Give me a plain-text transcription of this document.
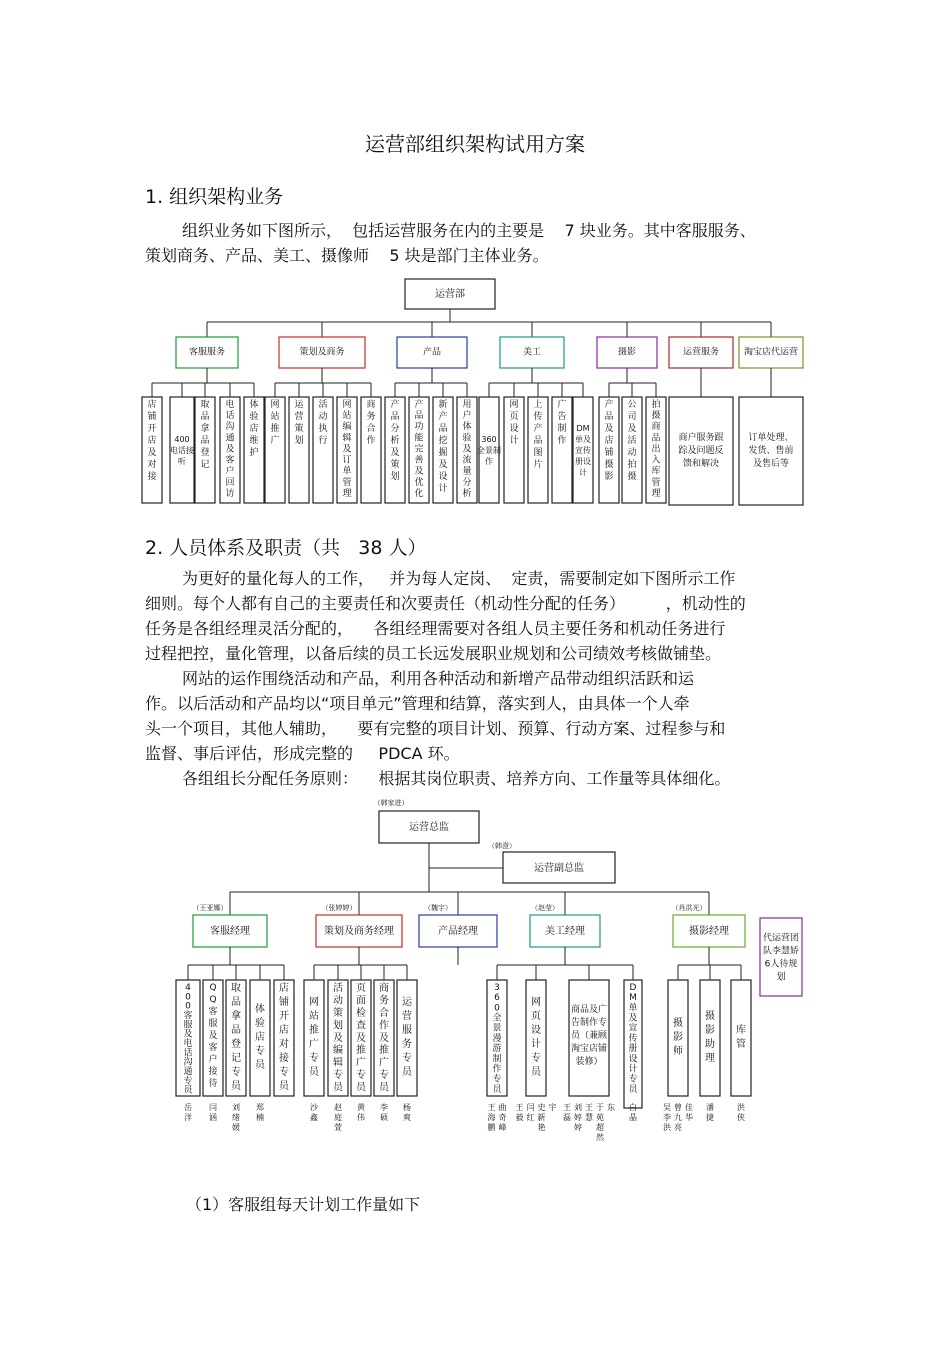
运营部组织架构试用方案
1. 组织架构业务
组织业务如下图所示，  包括运营服务在内的主要是    7 块业务。其中客服服务、
策划商务、产品、美工、摄像师    5 块是部门主体业务。
运营部
客服服务
店铺开店及对接
400 电话接听
取品拿品登记
电话沟通及客户回访
体验店维护
策划及商务
网站推广
运营策划
活动执行
网站编辑及订单管理
商务合作
产品
产品分析及策划
产品功能完善及优化
新产品挖掘及设计
用户体验及流量分析
美工
360 全景制作
网页设计
上传产品图片
广告制作
DM 单及宣传册设计
摄影
产品及店铺摄影
公司及活动拍摄
拍摄商品出入库管理
运营服务
商户服务跟踪及问题反馈和解决
淘宝店代运营
订单处理、发货、售前及售后等
2. 人员体系及职责（共   38 人）
为更好的量化每人的工作，   并为每人定岗、  定责，需要制定如下图所示工作
细则。每个人都有自己的主要责任和次要责任（机动性分配的任务）        ，机动性的
任务是各组经理灵活分配的，    各组经理需要对各组人员主要任务和机动任务进行
过程把控，量化管理，以备后续的员工长远发展职业规划和公司绩效考核做铺垫。
网站的运作围绕活动和产品，利用各种活动和新增产品带动组织活跃和运
作。以后活动和产品均以“项目单元”管理和结算，落实到人，由具体一个人牵
头一个项目，其他人辅助，    要有完整的项目计划、预算、行动方案、过程参与和
监督、事后评估，形成完整的     PDCA 环。
各组组长分配任务原则：    根据其岗位职责、培养方向、工作量等具体细化。
（韩家进）
运营总监
（韩澄）
运营副总监
（王亚娜）
客服经理
（张婷婷）
策划及商务经理
（魏宇）
产品经理
（赵莹）
美工经理
（肖洪光）
摄影经理
代运营团队李慧娇 6人待规划
4 0 0 客服及电话沟通专员
岳洋
Q Q 客服及客户接待
闫涵
取品拿品登记专员
刘绪媛
体验店专员
郑楠
店铺开店对接专员
网站推广专员
沙鑫
活动策划及编辑专员
赵庭萱
页面检查及推广专员
黄伟
商务合作及推广专员
李硕
运营服务专员
杨爽
3 6 0 全景漫游制作专员
王海鹏
曲奇峰
网页设计专员
王毅
闫红
史新艳
宇
商品及广告制作专员（兼顾淘宝店铺装修）
王磊
刘婷婷
王慧
于苑超然
东
D M 单及宣传册设计专员
白晶
摄影师
吴李洪
曾九亮
佳华
摄影助理
潘捷
库管
洪侠
（1）客服组每天计划工作量如下
